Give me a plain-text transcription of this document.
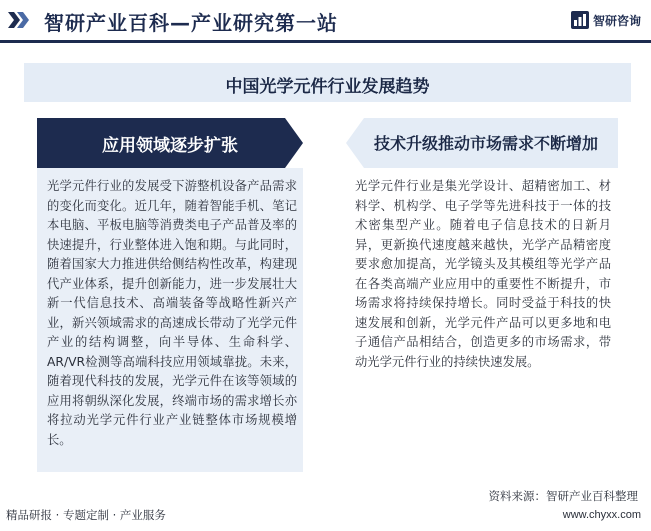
智研产业百科—产业研究第一站	智研咨询
中国光学元件行业发展趋势
应用领域逐步扩张
光学元件行业的发展受下游整机设备产品需求的变化而变化。近几年，随着智能手机、笔记本电脑、平板电脑等消费类电子产品普及率的快速提升，行业整体进入饱和期。与此同时，随着国家大力推进供给侧结构性改革，构建现代产业体系，提升创新能力，进一步发展壮大新一代信息技术、高端装备等战略性新兴产业，新兴领域需求的高速成长带动了光学元件产业的结构调整，向半导体、生命科学、AR/VR检测等高端科技应用领域靠拢。未来，随着现代科技的发展，光学元件在该等领域的应用将朝纵深化发展，终端市场的需求增长亦将拉动光学元件行业产业链整体市场规模增长。
技术升级推动市场需求不断增加
光学元件行业是集光学设计、超精密加工、材料学、机构学、电子学等先进科技于一体的技术密集型产业。随着电子信息技术的日新月异，更新换代速度越来越快，光学产品精密度要求愈加提高，光学镜头及其模组等光学产品在各类高端产业应用中的重要性不断提升，市场需求将持续保持增长。同时受益于科技的快速发展和创新，光学元件产品可以更多地和电子通信产品相结合，创造更多的市场需求，带动光学元件行业的持续快速发展。
资料来源：智研产业百科整理
精品研报 · 专题定制 · 产业服务	www.chyxx.com
